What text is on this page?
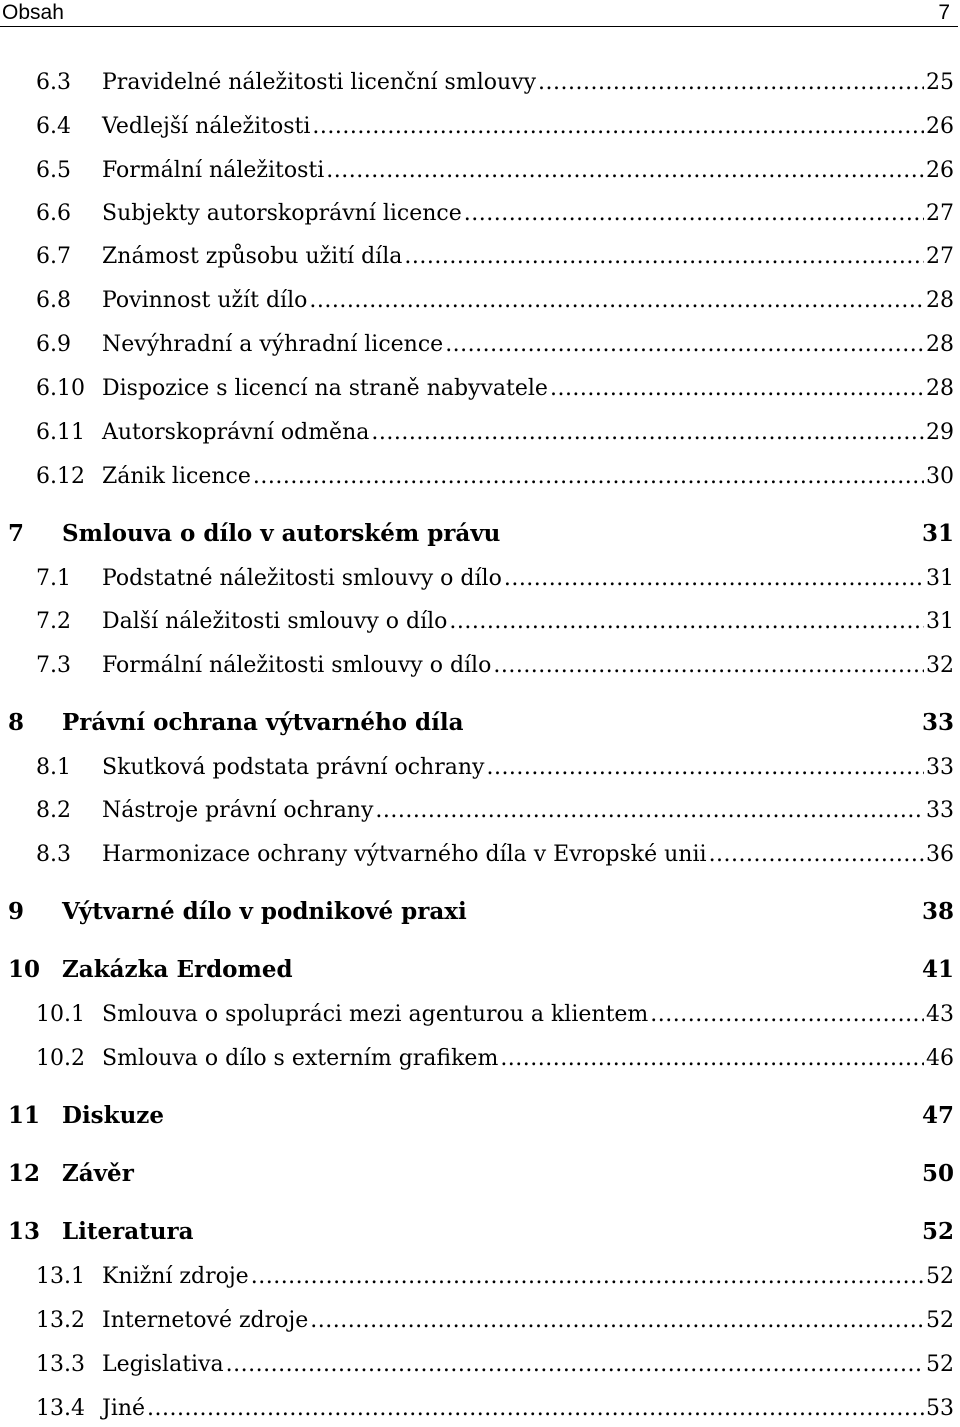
Obsah	7
6.3	Pravidelné náležitosti licenční smlouvy .....	25
6.4	Vedlejší náležitosti .....	26
6.5	Formální náležitosti .....	26
6.6	Subjekty autorskoprávní licence .....	27
6.7	Známost způsobu užití díla .....	27
6.8	Povinnost užít dílo .....	28
6.9	Nevýhradní a výhradní licence .....	28
6.10 Dispozice s licencí na straně nabyvatele .....	28
6.11 Autorskoprávní odměna .....	29
6.12 Zánik licence .....	30
7	Smlouva o dílo v autorském právu	31
7.1	Podstatné náležitosti smlouvy o dílo .....	31
7.2	Další náležitosti smlouvy o dílo .....	31
7.3	Formální náležitosti smlouvy o dílo .....	32
8	Právní ochrana výtvarného díla	33
8.1	Skutková podstata právní ochrany .....	33
8.2	Nástroje právní ochrany .....	33
8.3	Harmonizace ochrany výtvarného díla v Evropské unii .....	36
9	Výtvarné dílo v podnikové praxi	38
10 Zakázka Erdomed	41
10.1 Smlouva o spolupráci mezi agenturou a klientem .....	43
10.2 Smlouva o dílo s externím grafikem .....	46
11 Diskuze	47
12 Závěr	50
13 Literatura	52
13.1 Knižní zdroje .....	52
13.2 Internetové zdroje .....	52
13.3 Legislativa .....	52
13.4 Jiné .....	53
